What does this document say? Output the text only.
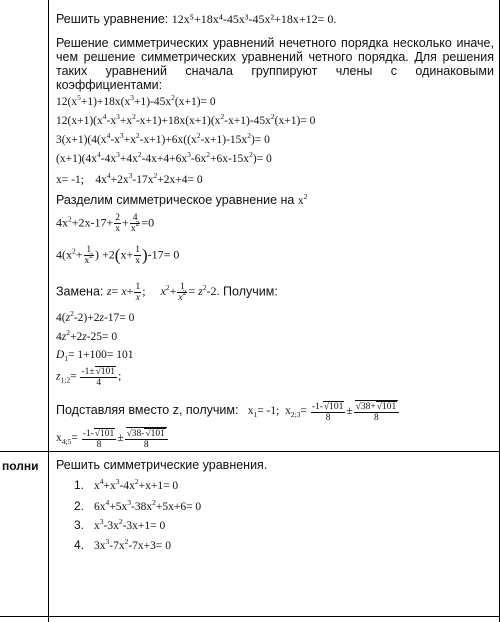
Решить уравнение: 12x⁵+18x⁴-45x³-45x²+18x+12= 0.
Решение симметрических уравнений нечетного порядка несколько иначе, чем решение симметрических уравнений четного порядка. Для решения таких уравнений сначала группируют члены с одинаковыми коэффициентами:
$12(x^5+1)+18x(x^3+1)-45x^2(x+1)= 0$
$12(x+1)(x^4-x^3+x^2-x+1)+18x(x+1)(x^2-x+1)-45x^2(x+1)= 0$
$3(x+1)(4(x^4-x^3+x^2-x+1)+6x((x^2-x+1)-15x^2)= 0$
$(x+1)(4x^4-4x^3+4x^2-4x+4+6x^3-6x^2+6x-15x^2)= 0$
x= -1;    $4x^4+2x^3-17x^2+2x+4= 0$
Разделим симметрическое уравнение на $x^2$
$4x^2+2x-17+ \frac{2}{x} + \frac{4}{x^2} =0$
$4(x^2+ \frac{1}{x^2}$ ) $+2(x+ \frac{1}{x} )-17= 0$
Замена: $z= x+ \frac{1}{x}$ ;     $x^2+ \frac{1}{x^2} = z^2-2$. Получим:
$4(z^2-2)+2z-17= 0$
$4z^2+2z-25= 0$
$D_1= 1+100= 101$
$z_{1;2}= \frac{-1\pm√101}{4}$ ;
Подставляя вместо z, получим:   $x_1= -1$;  $x_{2;3}= \frac{-1-√101}{8} \pm \frac{√38+√101}{8}$
$x_{4;5}= \frac{-1-√101}{8} \pm \frac{√38-√101}{8}$
полни Решить симметрические уравнения.
1. $x^4+x^3-4x^2+x+1= 0$
2. $6x^4+5x^3-38x^2+5x+6= 0$
3. $x^3-3x^2-3x+1= 0$
4. $3x^3-7x^2-7x+3= 0$
